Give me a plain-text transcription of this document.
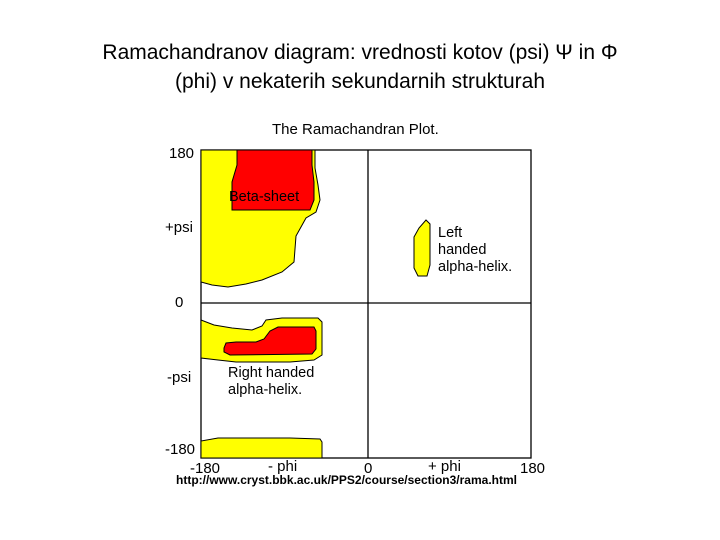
Ramachandranov diagram: vrednosti kotov (psi) Ψ in Φ
(phi) v nekaterih sekundarnih strukturah
The Ramachandran Plot.
180
+psi
0
-psi
-180
-180	- phi	0	+ phi	180
Beta-sheet
Left
handed
alpha-helix.
Right handed
alpha-helix.
http://www.cryst.bbk.ac.uk/PPS2/course/section3/rama.html
